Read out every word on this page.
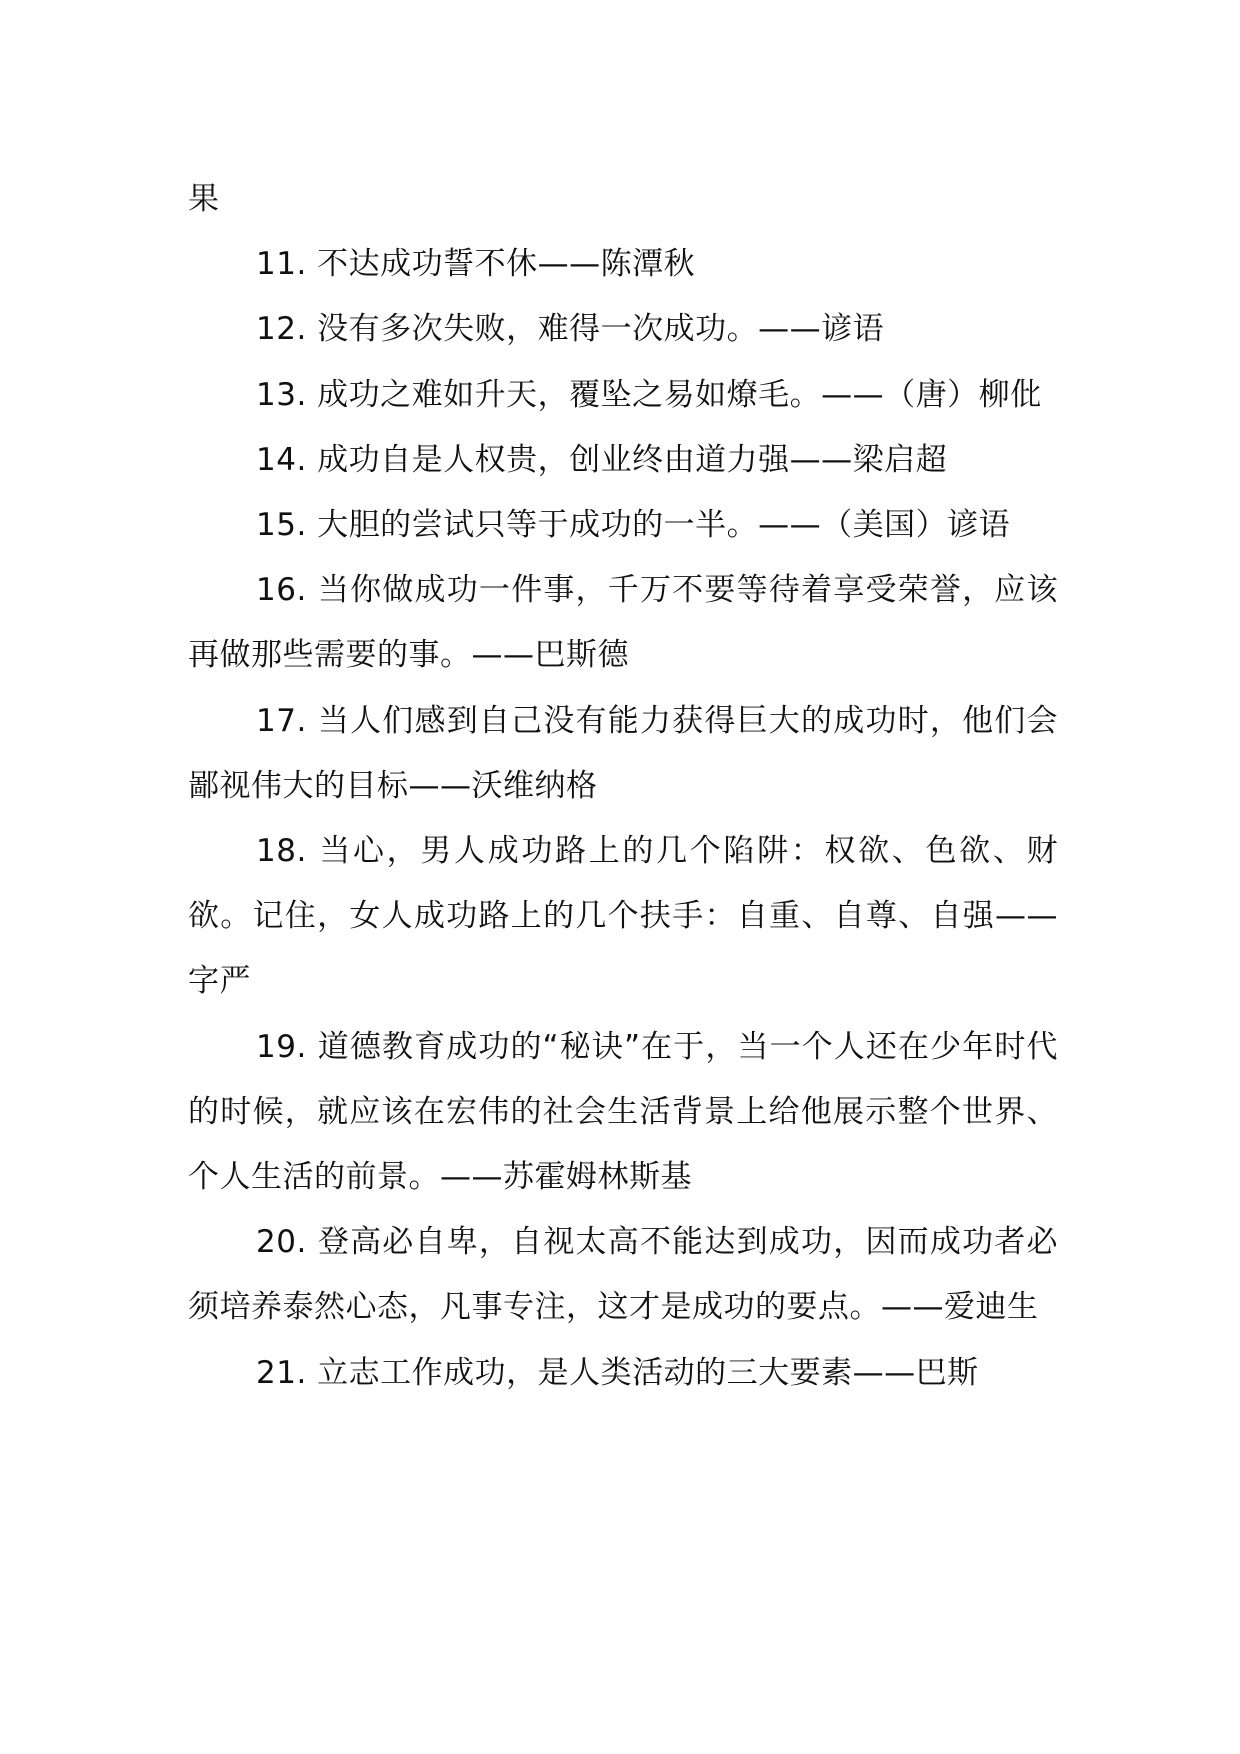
果

11. 不达成功誓不休——陈潭秋

12. 没有多次失败，难得一次成功。——谚语

13. 成功之难如升天，覆坠之易如燎毛。——（唐）柳仳

14. 成功自是人权贵，创业终由道力强——梁启超

15. 大胆的尝试只等于成功的一半。——（美国）谚语

16. 当你做成功一件事，千万不要等待着享受荣誉，应该再做那些需要的事。——巴斯德

17. 当人们感到自己没有能力获得巨大的成功时，他们会鄙视伟大的目标——沃维纳格

18. 当心，男人成功路上的几个陷阱：权欲、色欲、财欲。记住，女人成功路上的几个扶手：自重、自尊、自强——字严

19. 道德教育成功的“秘诀”在于，当一个人还在少年时代的时候，就应该在宏伟的社会生活背景上给他展示整个世界、个人生活的前景。——苏霍姆林斯基

20. 登高必自卑，自视太高不能达到成功，因而成功者必须培养泰然心态，凡事专注，这才是成功的要点。——爱迪生

21. 立志工作成功，是人类活动的三大要素——巴斯
